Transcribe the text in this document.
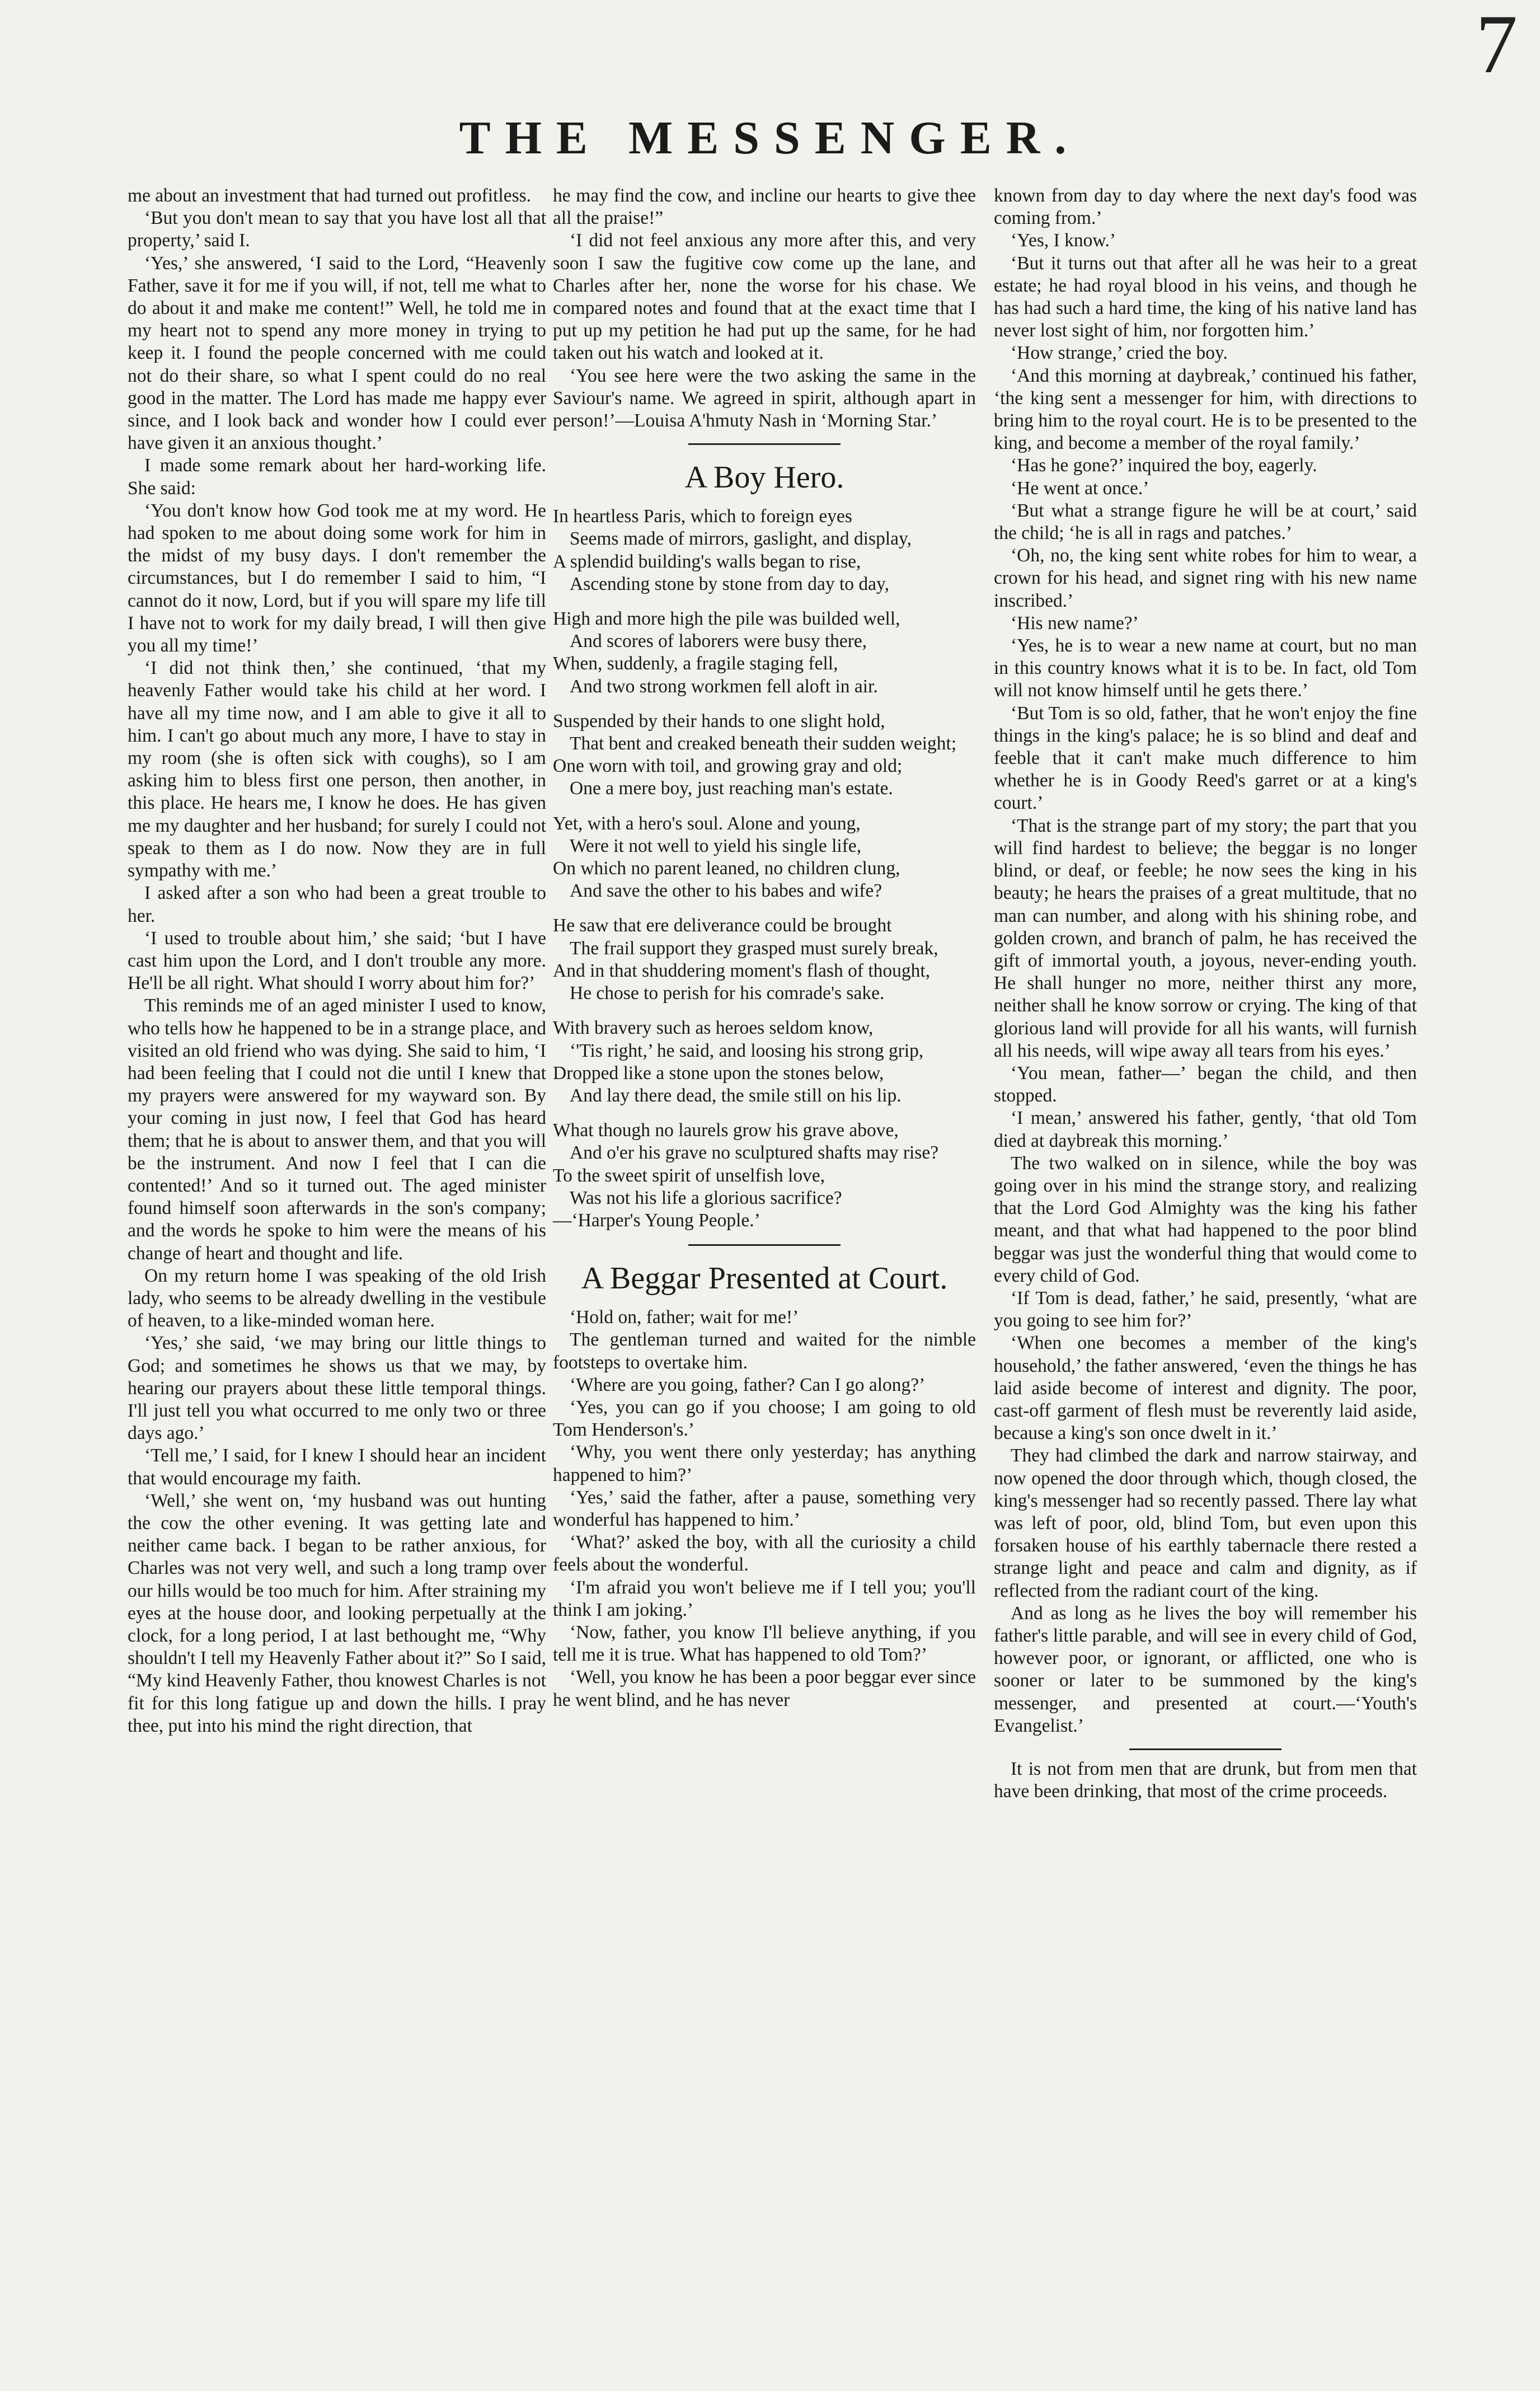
7
THE MESSENGER.

me about an investment that had turned out profitless.

‘But you don't mean to say that you have lost all that property,’ said I.

‘Yes,’ she answered, ‘I said to the Lord, “Heavenly Father, save it for me if you will, if not, tell me what to do about it and make me content!” Well, he told me in my heart not to spend any more money in trying to keep it. I found the people concerned with me could not do their share, so what I spent could do no real good in the matter. The Lord has made me happy ever since, and I look back and wonder how I could ever have given it an anxious thought.’

I made some remark about her hard-working life. She said:

‘You don't know how God took me at my word. He had spoken to me about doing some work for him in the midst of my busy days. I don't remember the circumstances, but I do remember I said to him, “I cannot do it now, Lord, but if you will spare my life till I have not to work for my daily bread, I will then give you all my time!’

‘I did not think then,’ she continued, ‘that my heavenly Father would take his child at her word. I have all my time now, and I am able to give it all to him. I can't go about much any more, I have to stay in my room (she is often sick with coughs), so I am asking him to bless first one person, then another, in this place. He hears me, I know he does. He has given me my daughter and her husband; for surely I could not speak to them as I do now. Now they are in full sympathy with me.’

I asked after a son who had been a great trouble to her.

‘I used to trouble about him,’ she said; ‘but I have cast him upon the Lord, and I don't trouble any more. He'll be all right. What should I worry about him for?’

This reminds me of an aged minister I used to know, who tells how he happened to be in a strange place, and visited an old friend who was dying. She said to him, ‘I had been feeling that I could not die until I knew that my prayers were answered for my wayward son. By your coming in just now, I feel that God has heard them; that he is about to answer them, and that you will be the instrument. And now I feel that I can die contented!’ And so it turned out. The aged minister found himself soon afterwards in the son's company; and the words he spoke to him were the means of his change of heart and thought and life.

On my return home I was speaking of the old Irish lady, who seems to be already dwelling in the vestibule of heaven, to a like-minded woman here.

‘Yes,’ she said, ‘we may bring our little things to God; and sometimes he shows us that we may, by hearing our prayers about these little temporal things. I'll just tell you what occurred to me only two or three days ago.’

‘Tell me,’ I said, for I knew I should hear an incident that would encourage my faith.

‘Well,’ she went on, ‘my husband was out hunting the cow the other evening. It was getting late and neither came back. I began to be rather anxious, for Charles was not very well, and such a long tramp over our hills would be too much for him. After straining my eyes at the house door, and looking perpetually at the clock, for a long period, I at last bethought me, “Why shouldn't I tell my Heavenly Father about it?” So I said, “My kind Heavenly Father, thou knowest Charles is not fit for this long fatigue up and down the hills. I pray thee, put into his mind the right direction, that

he may find the cow, and incline our hearts to give thee all the praise!”

‘I did not feel anxious any more after this, and very soon I saw the fugitive cow come up the lane, and Charles after her, none the worse for his chase. We compared notes and found that at the exact time that I put up my petition he had put up the same, for he had taken out his watch and looked at it.

‘You see here were the two asking the same in the Saviour's name. We agreed in spirit, although apart in person!’—Louisa A'hmuty Nash in ‘Morning Star.’

A Boy Hero.
In heartless Paris, which to foreign eyes
Seems made of mirrors, gaslight, and display,
A splendid building's walls began to rise,
Ascending stone by stone from day to day,
High and more high the pile was builded well,
And scores of laborers were busy there,
When, suddenly, a fragile staging fell,
And two strong workmen fell aloft in air.
Suspended by their hands to one slight hold,
That bent and creaked beneath their sudden weight;
One worn with toil, and growing gray and old;
One a mere boy, just reaching man's estate.
Yet, with a hero's soul. Alone and young,
Were it not well to yield his single life,
On which no parent leaned, no children clung,
And save the other to his babes and wife?
He saw that ere deliverance could be brought
The frail support they grasped must surely break,
And in that shuddering moment's flash of thought,
He chose to perish for his comrade's sake.
With bravery such as heroes seldom know,
‘'Tis right,’ he said, and loosing his strong grip,
Dropped like a stone upon the stones below,
And lay there dead, the smile still on his lip.
What though no laurels grow his grave above,
And o'er his grave no sculptured shafts may rise?
To the sweet spirit of unselfish love,
Was not his life a glorious sacrifice?
—‘Harper's Young People.’
A Beggar Presented at Court.

‘Hold on, father; wait for me!’

The gentleman turned and waited for the nimble footsteps to overtake him.

‘Where are you going, father? Can I go along?’

‘Yes, you can go if you choose; I am going to old Tom Henderson's.’

‘Why, you went there only yesterday; has anything happened to him?’

‘Yes,’ said the father, after a pause, something very wonderful has happened to him.’

‘What?’ asked the boy, with all the curiosity a child feels about the wonderful.

‘I'm afraid you won't believe me if I tell you; you'll think I am joking.’

‘Now, father, you know I'll believe anything, if you tell me it is true. What has happened to old Tom?’

‘Well, you know he has been a poor beggar ever since he went blind, and he has never

known from day to day where the next day's food was coming from.’

‘Yes, I know.’

‘But it turns out that after all he was heir to a great estate; he had royal blood in his veins, and though he has had such a hard time, the king of his native land has never lost sight of him, nor forgotten him.’

‘How strange,’ cried the boy.

‘And this morning at daybreak,’ continued his father, ‘the king sent a messenger for him, with directions to bring him to the royal court. He is to be presented to the king, and become a member of the royal family.’

‘Has he gone?’ inquired the boy, eagerly.

‘He went at once.’

‘But what a strange figure he will be at court,’ said the child; ‘he is all in rags and patches.’

‘Oh, no, the king sent white robes for him to wear, a crown for his head, and signet ring with his new name inscribed.’

‘His new name?’

‘Yes, he is to wear a new name at court, but no man in this country knows what it is to be. In fact, old Tom will not know himself until he gets there.’

‘But Tom is so old, father, that he won't enjoy the fine things in the king's palace; he is so blind and deaf and feeble that it can't make much difference to him whether he is in Goody Reed's garret or at a king's court.’

‘That is the strange part of my story; the part that you will find hardest to believe; the beggar is no longer blind, or deaf, or feeble; he now sees the king in his beauty; he hears the praises of a great multitude, that no man can number, and along with his shining robe, and golden crown, and branch of palm, he has received the gift of immortal youth, a joyous, never-ending youth. He shall hunger no more, neither thirst any more, neither shall he know sorrow or crying. The king of that glorious land will provide for all his wants, will furnish all his needs, will wipe away all tears from his eyes.’

‘You mean, father—’ began the child, and then stopped.

‘I mean,’ answered his father, gently, ‘that old Tom died at daybreak this morning.’

The two walked on in silence, while the boy was going over in his mind the strange story, and realizing that the Lord God Almighty was the king his father meant, and that what had happened to the poor blind beggar was just the wonderful thing that would come to every child of God.

‘If Tom is dead, father,’ he said, presently, ‘what are you going to see him for?’

‘When one becomes a member of the king's household,’ the father answered, ‘even the things he has laid aside become of interest and dignity. The poor, cast-off garment of flesh must be reverently laid aside, because a king's son once dwelt in it.’

They had climbed the dark and narrow stairway, and now opened the door through which, though closed, the king's messenger had so recently passed. There lay what was left of poor, old, blind Tom, but even upon this forsaken house of his earthly tabernacle there rested a strange light and peace and calm and dignity, as if reflected from the radiant court of the king.

And as long as he lives the boy will remember his father's little parable, and will see in every child of God, however poor, or ignorant, or afflicted, one who is sooner or later to be summoned by the king's messenger, and presented at court.—‘Youth's Evangelist.’

It is not from men that are drunk, but from men that have been drinking, that most of the crime proceeds.
